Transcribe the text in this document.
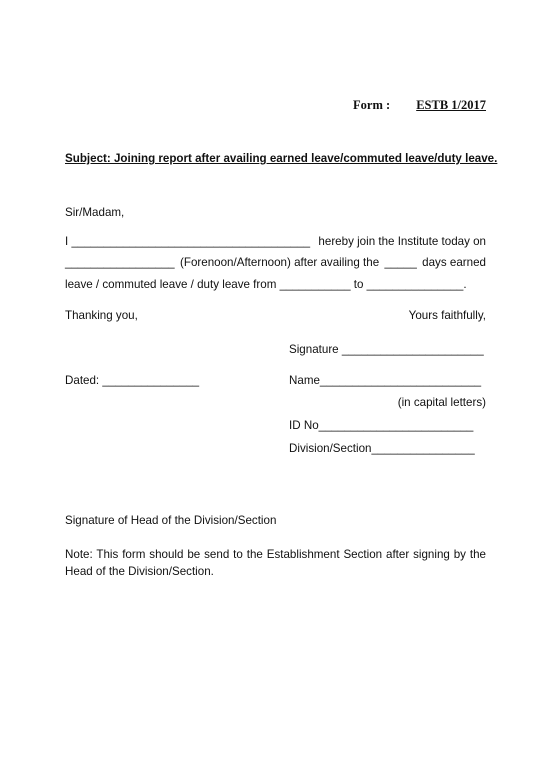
Form : ESTB 1/2017
Subject: Joining report after availing earned leave/commuted leave/duty leave.
Sir/Madam,
I _____________________________________ hereby join the Institute today on
_________________ (Forenoon/Afternoon) after availing the _____ days earned
leave / commuted leave / duty leave from ___________ to _______________.
Thanking you,	Yours faithfully,
Signature ______________________
Dated: _______________	Name_________________________
(in capital letters)
ID No________________________
Division/Section________________
Signature of Head of the Division/Section
Note: This form should be send to the Establishment Section after signing by the Head of the Division/Section.
